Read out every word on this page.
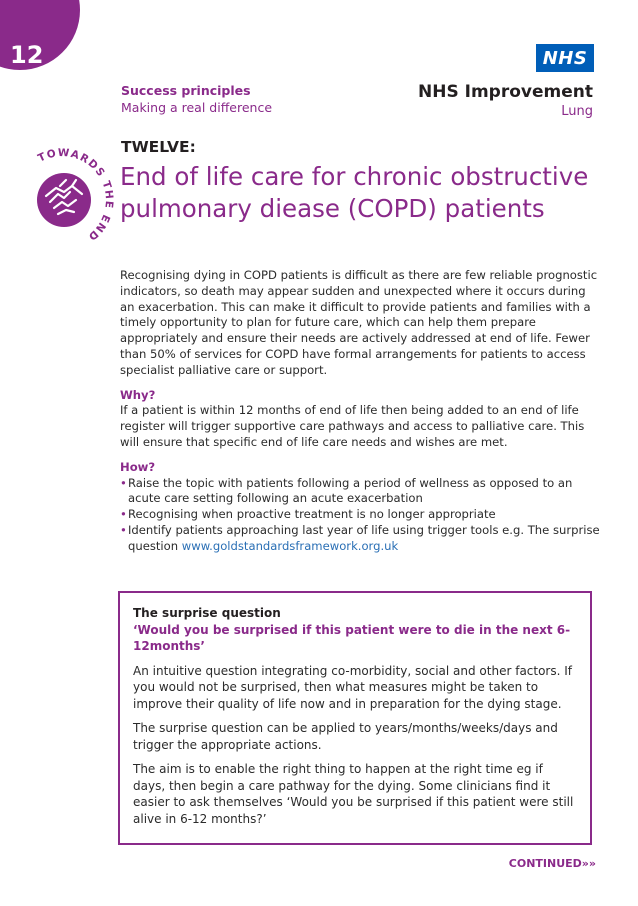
12
Success principles
Making a real difference
NHS
NHS Improvement
Lung
TOWARDS THE END
TWELVE:
End of life care for chronic obstructive pulmonary diease (COPD) patients

Recognising dying in COPD patients is difficult as there are few reliable prognostic indicators, so death may appear sudden and unexpected where it occurs during an exacerbation. This can make it difficult to provide patients and families with a timely opportunity to plan for future care, which can help them prepare appropriately and ensure their needs are actively addressed at end of life. Fewer than 50% of services for COPD have formal arrangements for patients to access specialist palliative care or support.

Why?

If a patient is within 12 months of end of life then being added to an end of life register will trigger supportive care pathways and access to palliative care. This will ensure that specific end of life care needs and wishes are met.

How?
• Raise the topic with patients following a period of wellness as opposed to an acute care setting following an acute exacerbation
• Recognising when proactive treatment is no longer appropriate
• Identify patients approaching last year of life using trigger tools e.g. The surprise question www.goldstandardsframework.org.uk
The surprise question
‘Would you be surprised if this patient were to die in the next 6-12months’

An intuitive question integrating co-morbidity, social and other factors. If you would not be surprised, then what measures might be taken to improve their quality of life now and in preparation for the dying stage.

The surprise question can be applied to years/months/weeks/days and trigger the appropriate actions.

The aim is to enable the right thing to happen at the right time eg if days, then begin a care pathway for the dying. Some clinicians find it easier to ask themselves ‘Would you be surprised if this patient were still alive in 6-12 months?’

CONTINUED»»
